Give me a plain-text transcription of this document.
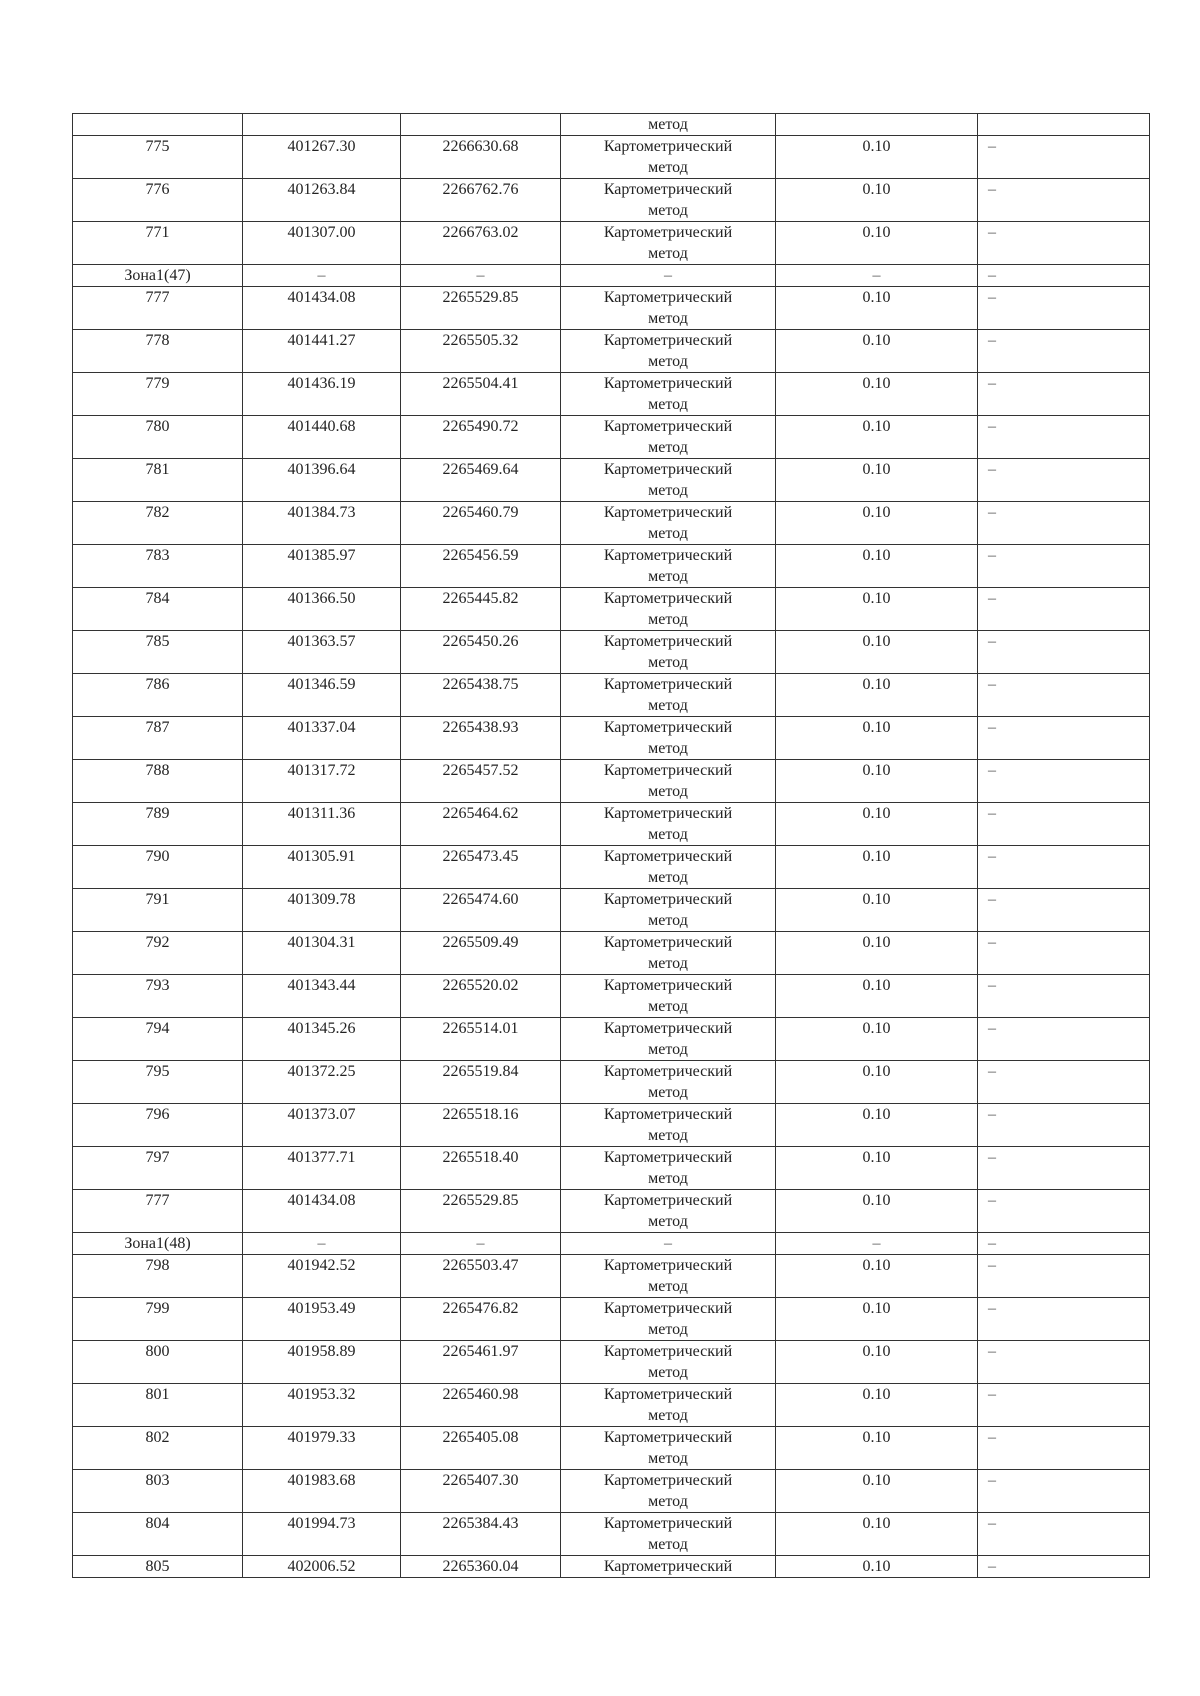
			метод		
775	401267.30	2266630.68	Картометрический
метод	0.10	–
776	401263.84	2266762.76	Картометрический
метод	0.10	–
771	401307.00	2266763.02	Картометрический
метод	0.10	–
Зона1(47)	–	–	–	–	–
777	401434.08	2265529.85	Картометрический
метод	0.10	–
778	401441.27	2265505.32	Картометрический
метод	0.10	–
779	401436.19	2265504.41	Картометрический
метод	0.10	–
780	401440.68	2265490.72	Картометрический
метод	0.10	–
781	401396.64	2265469.64	Картометрический
метод	0.10	–
782	401384.73	2265460.79	Картометрический
метод	0.10	–
783	401385.97	2265456.59	Картометрический
метод	0.10	–
784	401366.50	2265445.82	Картометрический
метод	0.10	–
785	401363.57	2265450.26	Картометрический
метод	0.10	–
786	401346.59	2265438.75	Картометрический
метод	0.10	–
787	401337.04	2265438.93	Картометрический
метод	0.10	–
788	401317.72	2265457.52	Картометрический
метод	0.10	–
789	401311.36	2265464.62	Картометрический
метод	0.10	–
790	401305.91	2265473.45	Картометрический
метод	0.10	–
791	401309.78	2265474.60	Картометрический
метод	0.10	–
792	401304.31	2265509.49	Картометрический
метод	0.10	–
793	401343.44	2265520.02	Картометрический
метод	0.10	–
794	401345.26	2265514.01	Картометрический
метод	0.10	–
795	401372.25	2265519.84	Картометрический
метод	0.10	–
796	401373.07	2265518.16	Картометрический
метод	0.10	–
797	401377.71	2265518.40	Картометрический
метод	0.10	–
777	401434.08	2265529.85	Картометрический
метод	0.10	–
Зона1(48)	–	–	–	–	–
798	401942.52	2265503.47	Картометрический
метод	0.10	–
799	401953.49	2265476.82	Картометрический
метод	0.10	–
800	401958.89	2265461.97	Картометрический
метод	0.10	–
801	401953.32	2265460.98	Картометрический
метод	0.10	–
802	401979.33	2265405.08	Картометрический
метод	0.10	–
803	401983.68	2265407.30	Картометрический
метод	0.10	–
804	401994.73	2265384.43	Картометрический
метод	0.10	–
805	402006.52	2265360.04	Картометрический	0.10	–
